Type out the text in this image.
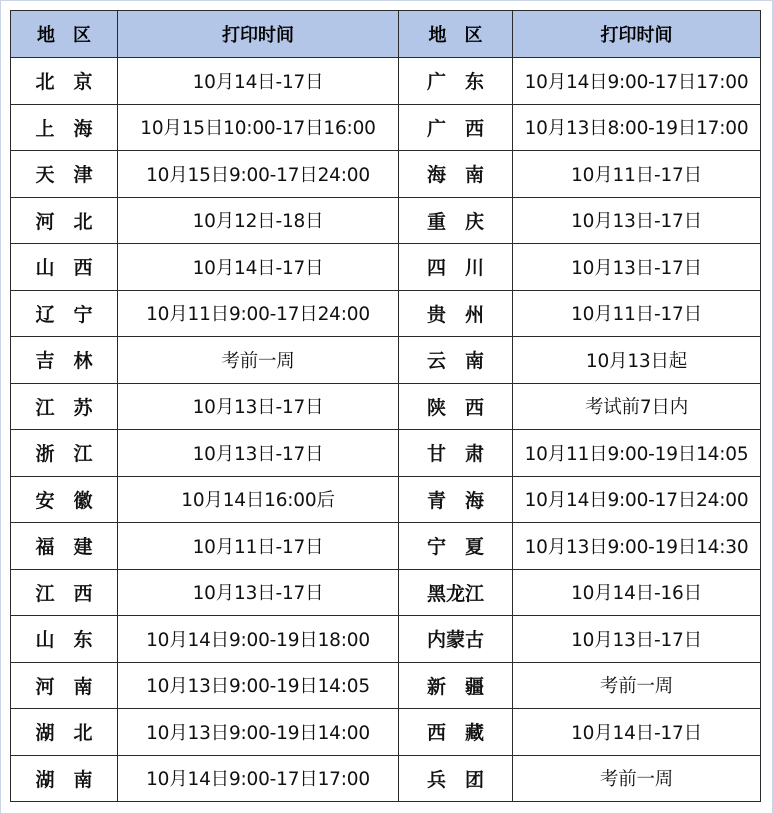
地　区	打印时间	地　区	打印时间
北　京	10月14日-17日	广　东	10月14日9:00-17日17:00
上　海	10月15日10:00-17日16:00	广　西	10月13日8:00-19日17:00
天　津	10月15日9:00-17日24:00	海　南	10月11日-17日
河　北	10月12日-18日	重　庆	10月13日-17日
山　西	10月14日-17日	四　川	10月13日-17日
辽　宁	10月11日9:00-17日24:00	贵　州	10月11日-17日
吉　林	考前一周	云　南	10月13日起
江　苏	10月13日-17日	陕　西	考试前7日内
浙　江	10月13日-17日	甘　肃	10月11日9:00-19日14:05
安　徽	10月14日16:00后	青　海	10月14日9:00-17日24:00
福　建	10月11日-17日	宁　夏	10月13日9:00-19日14:30
江　西	10月13日-17日	黑龙江	10月14日-16日
山　东	10月14日9:00-19日18:00	内蒙古	10月13日-17日
河　南	10月13日9:00-19日14:05	新　疆	考前一周
湖　北	10月13日9:00-19日14:00	西　藏	10月14日-17日
湖　南	10月14日9:00-17日17:00	兵　团	考前一周
